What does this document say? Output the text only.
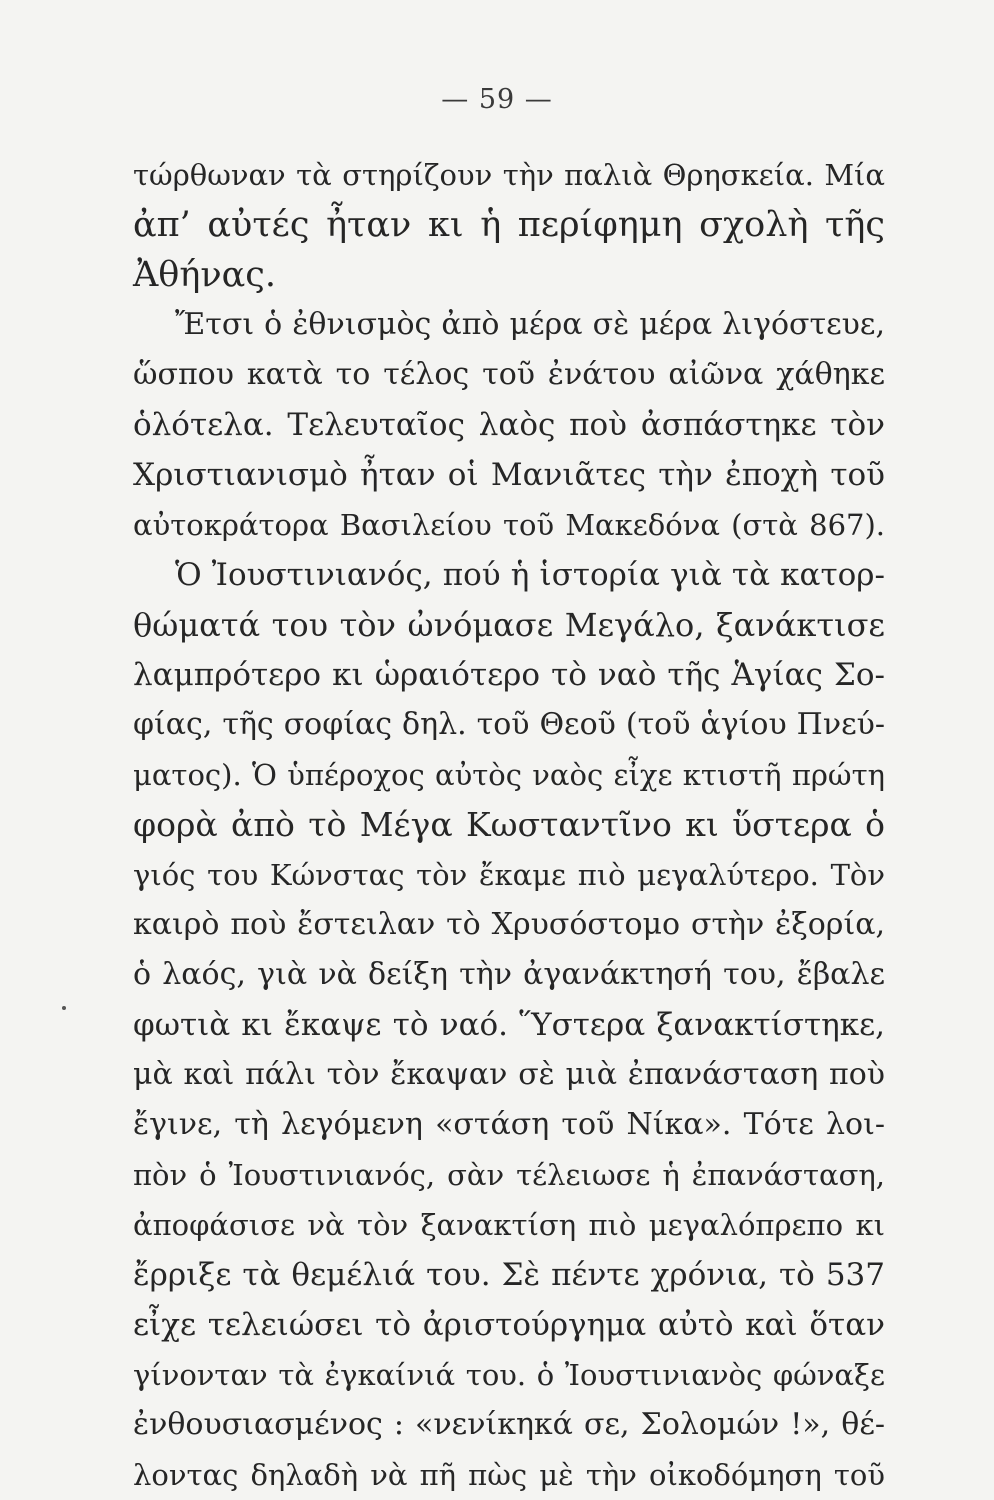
— 59 —
τώρθωναν τὰ στηρίζουν τὴν παλιὰ Θρησκεία. Μία
ἀπ’ αὐτές ἦταν κι ἡ περίφημη σχολὴ τῆς
Ἀθήνας.
Ἔτσι ὁ ἐθνισμὸς ἀπὸ μέρα σὲ μέρα λιγόστευε,
ὥσπου κατὰ το τέλος τοῦ ἐνάτου αἰῶνα χάθηκε
ὁλότελα. Τελευταῖος λαὸς ποὺ ἀσπάστηκε τὸν
Χριστιανισμὸ ἦταν οἱ Μανιᾶτες τὴν ἐποχὴ τοῦ
αὐτοκράτορα Βασιλείου τοῦ Μακεδόνα (στὰ 867).
Ὁ Ἰουστινιανός, πού ἡ ἱστορία γιὰ τὰ κατορ-
θώματά του τὸν ὠνόμασε Μεγάλο, ξανάκτισε
λαμπρότερο κι ὡραιότερο τὸ ναὸ τῆς Ἁγίας Σο-
φίας, τῆς σοφίας δηλ. τοῦ Θεοῦ (τοῦ ἁγίου Πνεύ-
ματος). Ὁ ὑπέροχος αὐτὸς ναὸς εἶχε κτιστῆ πρώτη
φορὰ ἀπὸ τὸ Μέγα Κωσταντῖνο κι ὕστερα ὁ
γιός του Κώνστας τὸν ἔκαμε πιὸ μεγαλύτερο. Τὸν
καιρὸ ποὺ ἔστειλαν τὸ Χρυσόστομο στὴν ἐξορία,
ὁ λαός, γιὰ νὰ δείξη τὴν ἀγανάκτησή του, ἔβαλε
φωτιὰ κι ἔκαψε τὸ ναό. Ὕστερα ξανακτίστηκε,
μὰ καὶ πάλι τὸν ἔκαψαν σὲ μιὰ ἐπανάσταση ποὺ
ἔγινε, τὴ λεγόμενη «στάση τοῦ Νίκα». Τότε λοι-
πὸν ὁ Ἰουστινιανός, σὰν τέλειωσε ἡ ἐπανάσταση,
ἀποφάσισε νὰ τὸν ξανακτίση πιὸ μεγαλόπρεπο κι
ἔρριξε τὰ θεμέλιά του. Σὲ πέντε χρόνια, τὸ 537
εἶχε τελειώσει τὸ ἀριστούργημα αὐτὸ καὶ ὅταν
γίνονταν τὰ ἐγκαίνιά του. ὁ Ἰουστινιανὸς φώναξε
ἐνθουσιασμένος : «νενίκηκά σε, Σολομών !», θέ-
λοντας δηλαδὴ νὰ πῆ πὼς μὲ τὴν οἰκοδόμηση τοῦ
